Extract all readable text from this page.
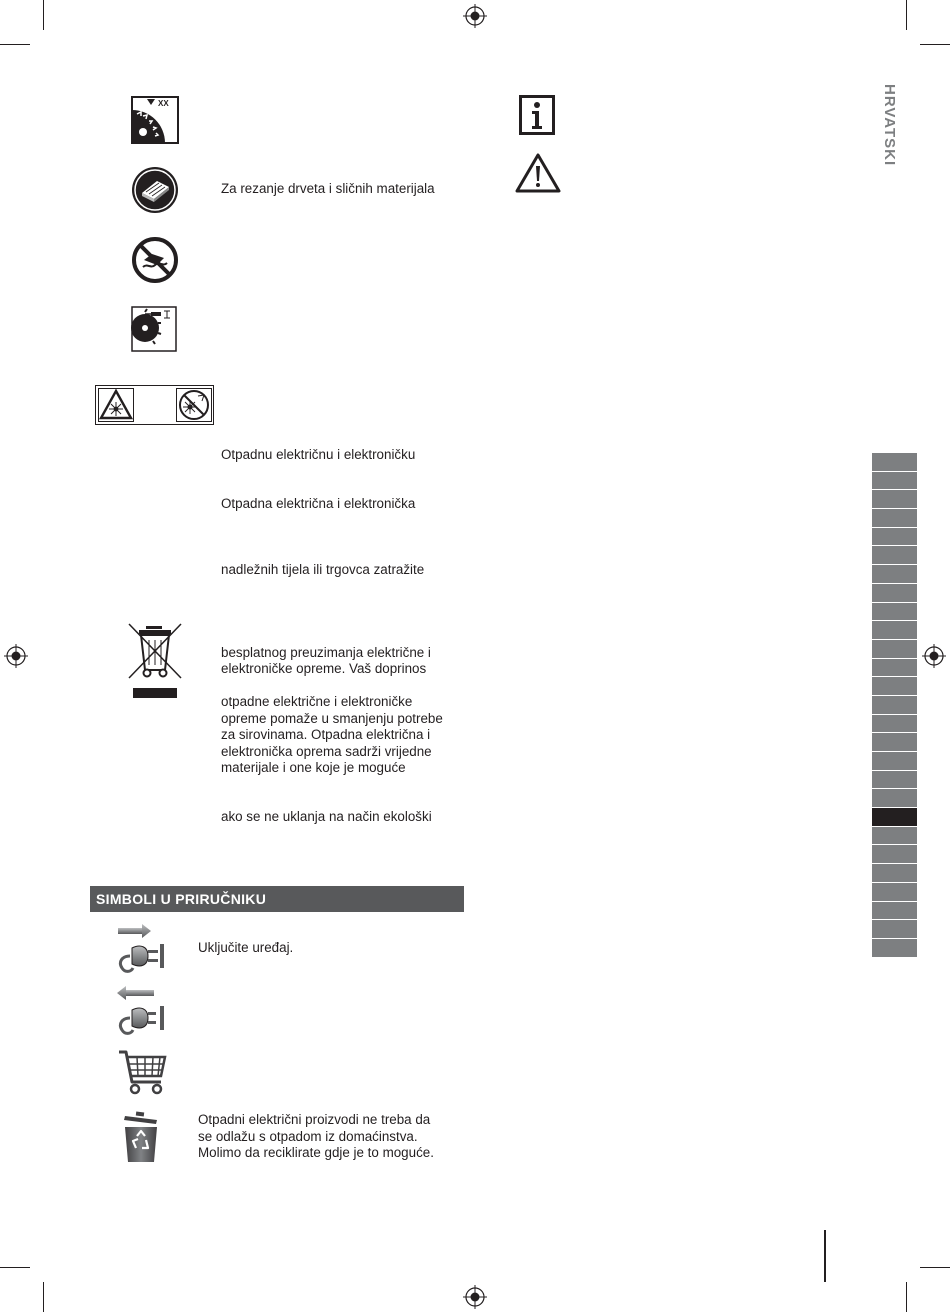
HRVATSKI
XX
Za rezanje drveta i sličnih materijala
Otpadnu električnu i elektroničku
Otpadna električna i elektronička
nadležnih tijela ili trgovca zatražite
besplatnog preuzimanja električne i
elektroničke opreme. Vaš doprinos
otpadne električne i elektroničke
opreme pomaže u smanjenju potrebe
za sirovinama. Otpadna električna i
elektronička oprema sadrži vrijedne
materijale i one koje je moguće
ako se ne uklanja na način ekološki
SIMBOLI U PRIRUČNIKU
Uključite uređaj.
Otpadni električni proizvodi ne treba da
se odlažu s otpadom iz domaćinstva.
Molimo da reciklirate gdje je to moguće.
